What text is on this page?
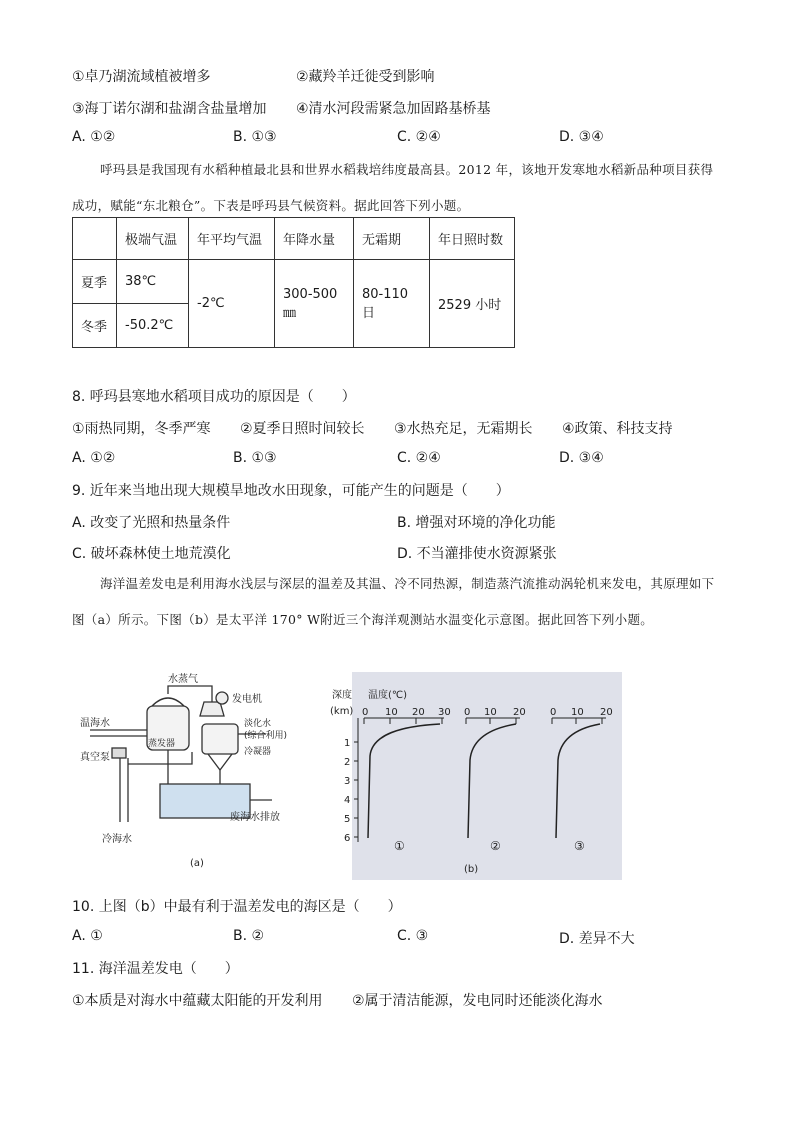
①卓乃湖流域植被增多	②藏羚羊迁徙受到影响
③海丁诺尔湖和盐湖含盐量增加 ④清水河段需紧急加固路基桥基
A. ①②	B. ①③	C. ②④	D. ③④
呼玛县是我国现有水稻种植最北县和世界水稻栽培纬度最高县。2012 年，该地开发寒地水稻新品种项目获得成功，赋能“东北粮仓”。下表是呼玛县气候资料。据此回答下列小题。
	极端气温	年平均气温	年降水量	无霜期	年日照时数
夏季	38℃	-2℃	300-500㎜	80-110 日	2529 小时
冬季	-50.2℃				
8. 呼玛县寒地水稻项目成功的原因是（　　）
①雨热同期，冬季严寒 ②夏季日照时间较长 ③水热充足，无霜期长 ④政策、科技支持
A. ①②	B. ①③	C. ②④	D. ③④
9. 近年来当地出现大规模旱地改水田现象，可能产生的问题是（　　）
A. 改变了光照和热量条件	B. 增强对环境的净化功能
C. 破坏森林使土地荒漠化	D. 不当灌排使水资源紧张
海洋温差发电是利用海水浅层与深层的温差及其温、冷不同热源，制造蒸汽流推动涡轮机来发电，其原理如下图（a）所示。下图（b）是太平洋 170° W附近三个海洋观测站水温变化示意图。据此回答下列小题。
水蒸气
温海水
蒸发器
发电机
淡化水
(综合利用)
真空泵	冷凝器
废海水排放
冷海水
(a)
深度
(km)
温度(℃)
0 10 20 30 0 10 20 0 10 20
1
2
3
4
5
6
①	②	③
(b)
10. 上图（b）中最有利于温差发电的海区是（　　）
A. ①	B. ②	C. ③	D. 差异不大
11. 海洋温差发电（　　）
①本质是对海水中蕴藏太阳能的开发利用 ②属于清洁能源，发电同时还能淡化海水
